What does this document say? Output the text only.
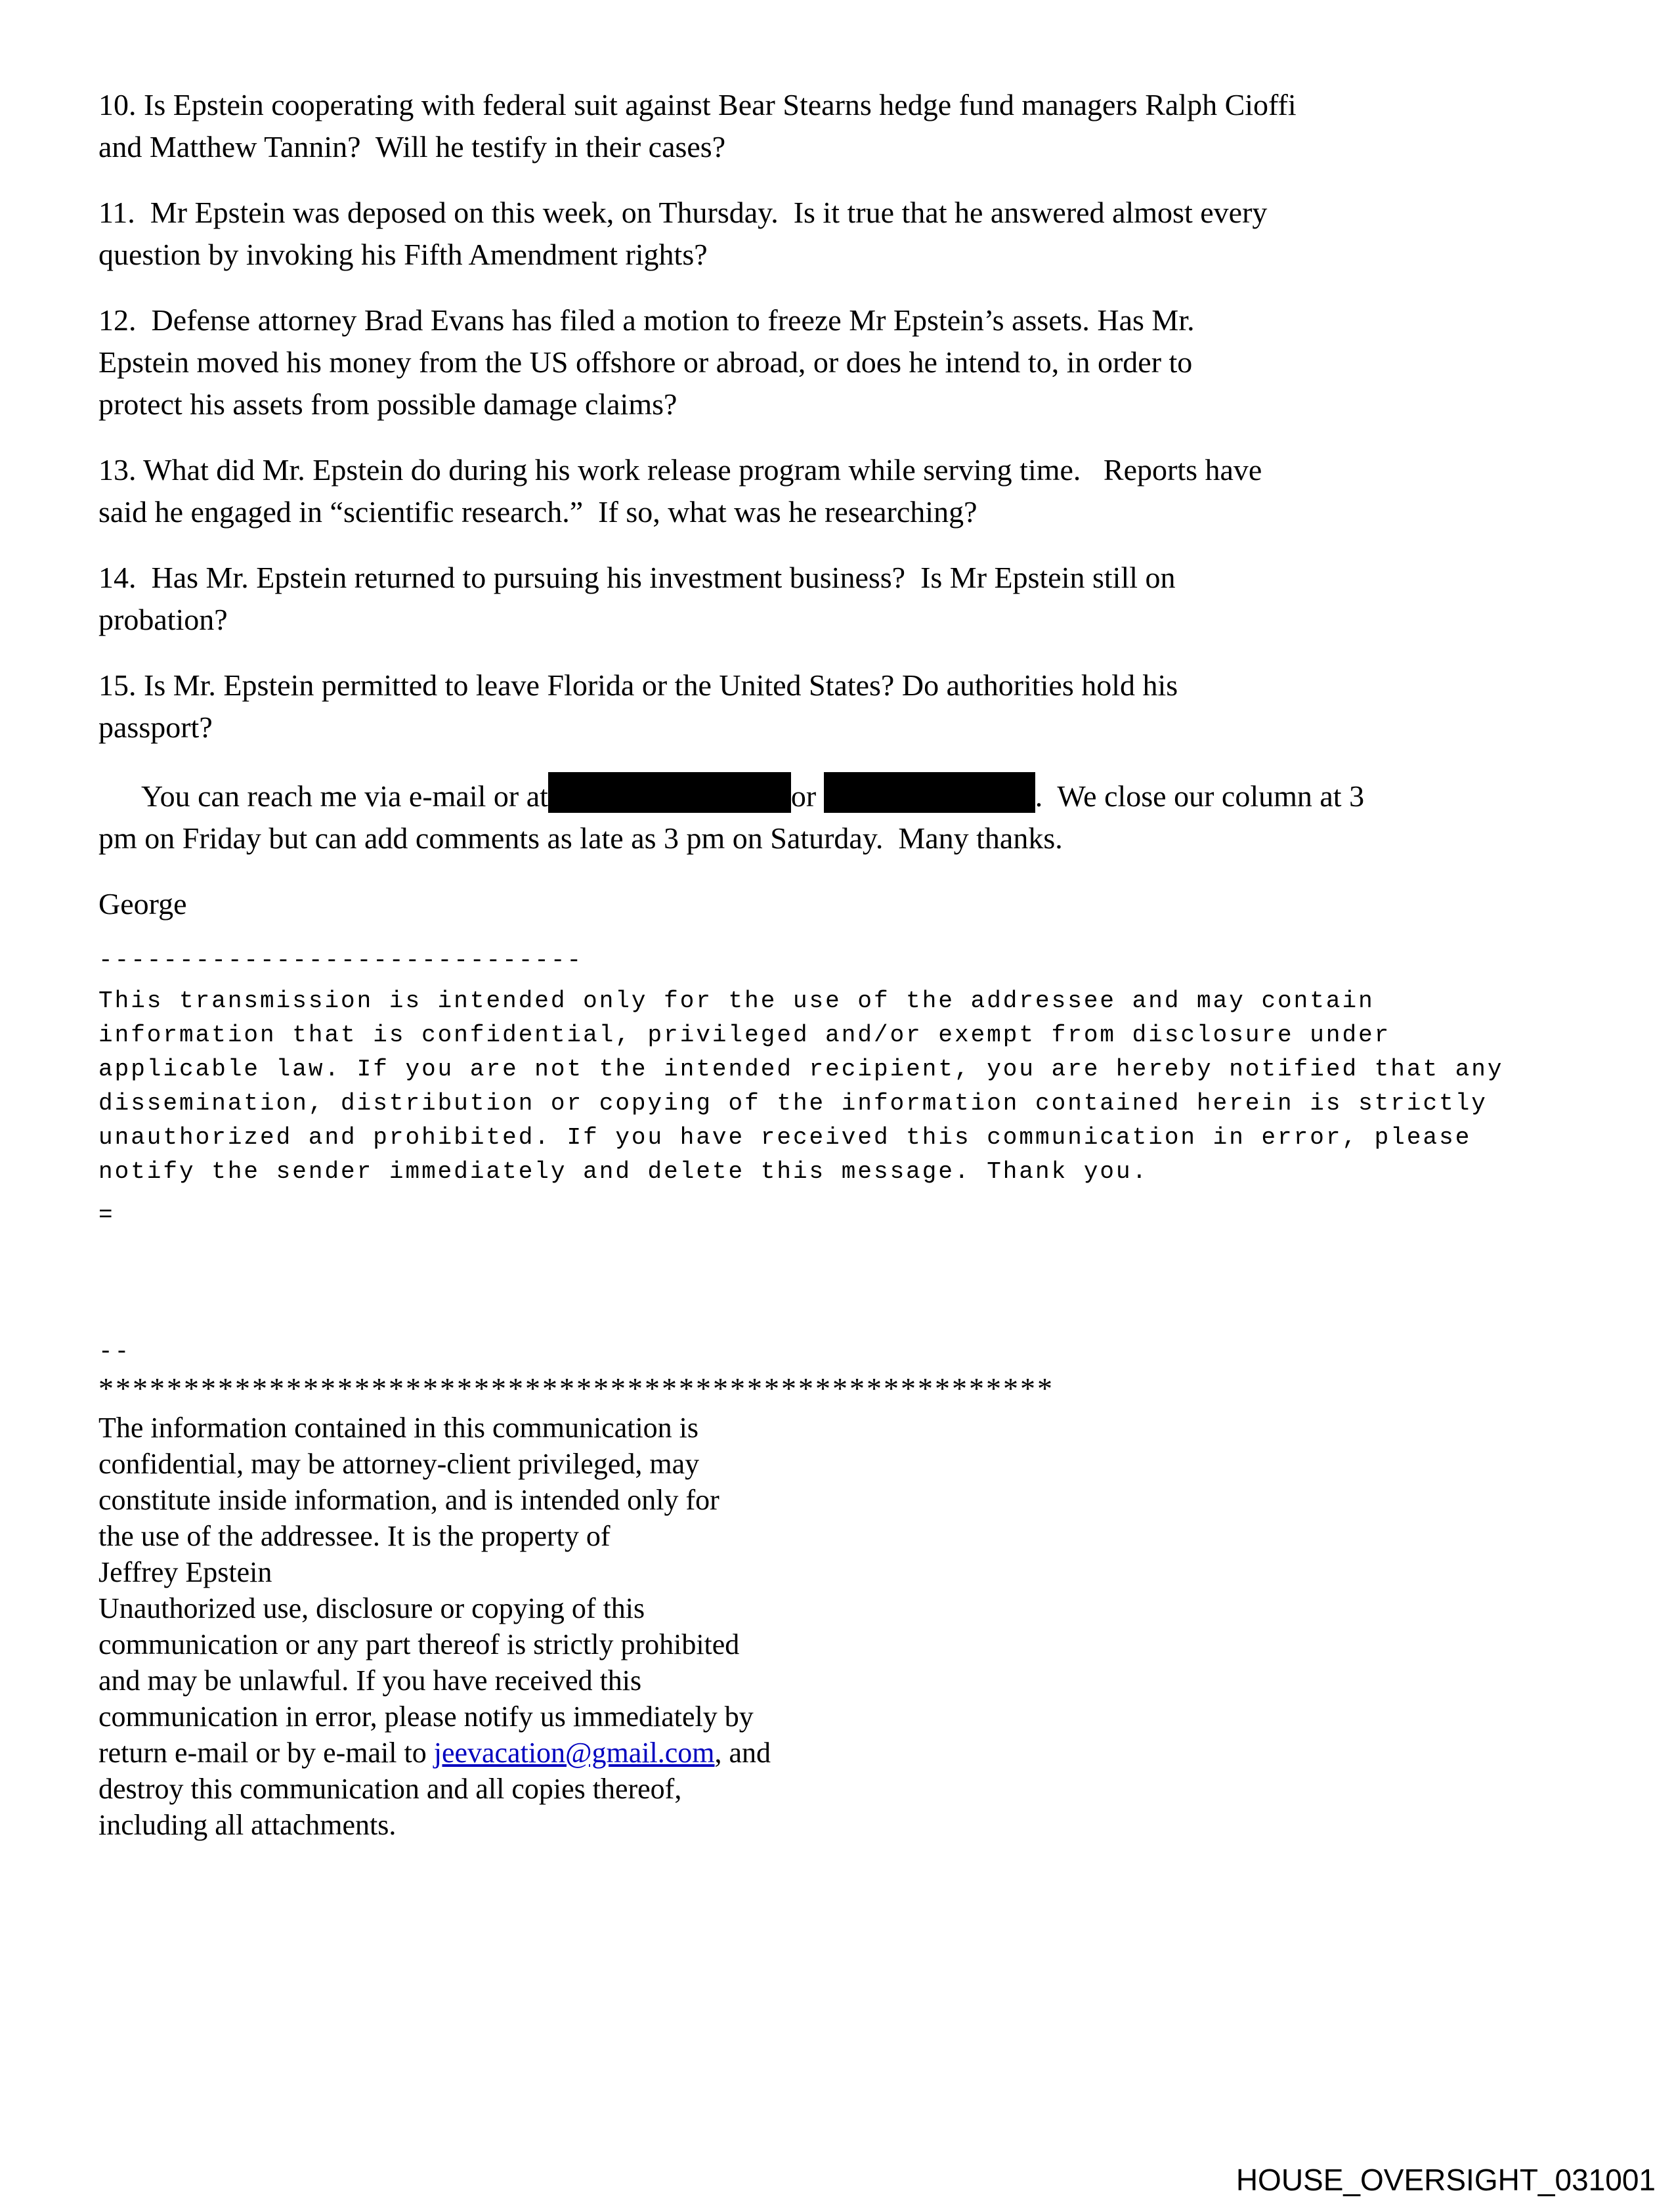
10. Is Epstein cooperating with federal suit against Bear Stearns hedge fund managers Ralph Cioffi
and Matthew Tannin?  Will he testify in their cases?
11.  Mr Epstein was deposed on this week, on Thursday.  Is it true that he answered almost every
question by invoking his Fifth Amendment rights?
12.  Defense attorney Brad Evans has filed a motion to freeze Mr Epstein’s assets. Has Mr.
Epstein moved his money from the US offshore or abroad, or does he intend to, in order to
protect his assets from possible damage claims?
13. What did Mr. Epstein do during his work release program while serving time.   Reports have
said he engaged in “scientific research.”  If so, what was he researching?
14.  Has Mr. Epstein returned to pursuing his investment business?  Is Mr Epstein still on
probation?
15. Is Mr. Epstein permitted to leave Florida or the United States? Do authorities hold his
passport?
You can reach me via e-mail or at	or	.  We close our column at 3
pm on Friday but can add comments as late as 3 pm on Saturday.  Many thanks.
George
------------------------------
This transmission is intended only for the use of the addressee and may contain
information that is confidential, privileged and/or exempt from disclosure under
applicable law. If you are not the intended recipient, you are hereby notified that any
dissemination, distribution or copying of the information contained herein is strictly
unauthorized and prohibited. If you have received this communication in error, please
notify the sender immediately and delete this message. Thank you.
=
--
********************************************************
The information contained in this communication is
confidential, may be attorney-client privileged, may
constitute inside information, and is intended only for
the use of the addressee. It is the property of
Jeffrey Epstein
Unauthorized use, disclosure or copying of this
communication or any part thereof is strictly prohibited
and may be unlawful. If you have received this
communication in error, please notify us immediately by
return e-mail or by e-mail to jeevacation@gmail.com, and
destroy this communication and all copies thereof,
including all attachments.
HOUSE_OVERSIGHT_031001
